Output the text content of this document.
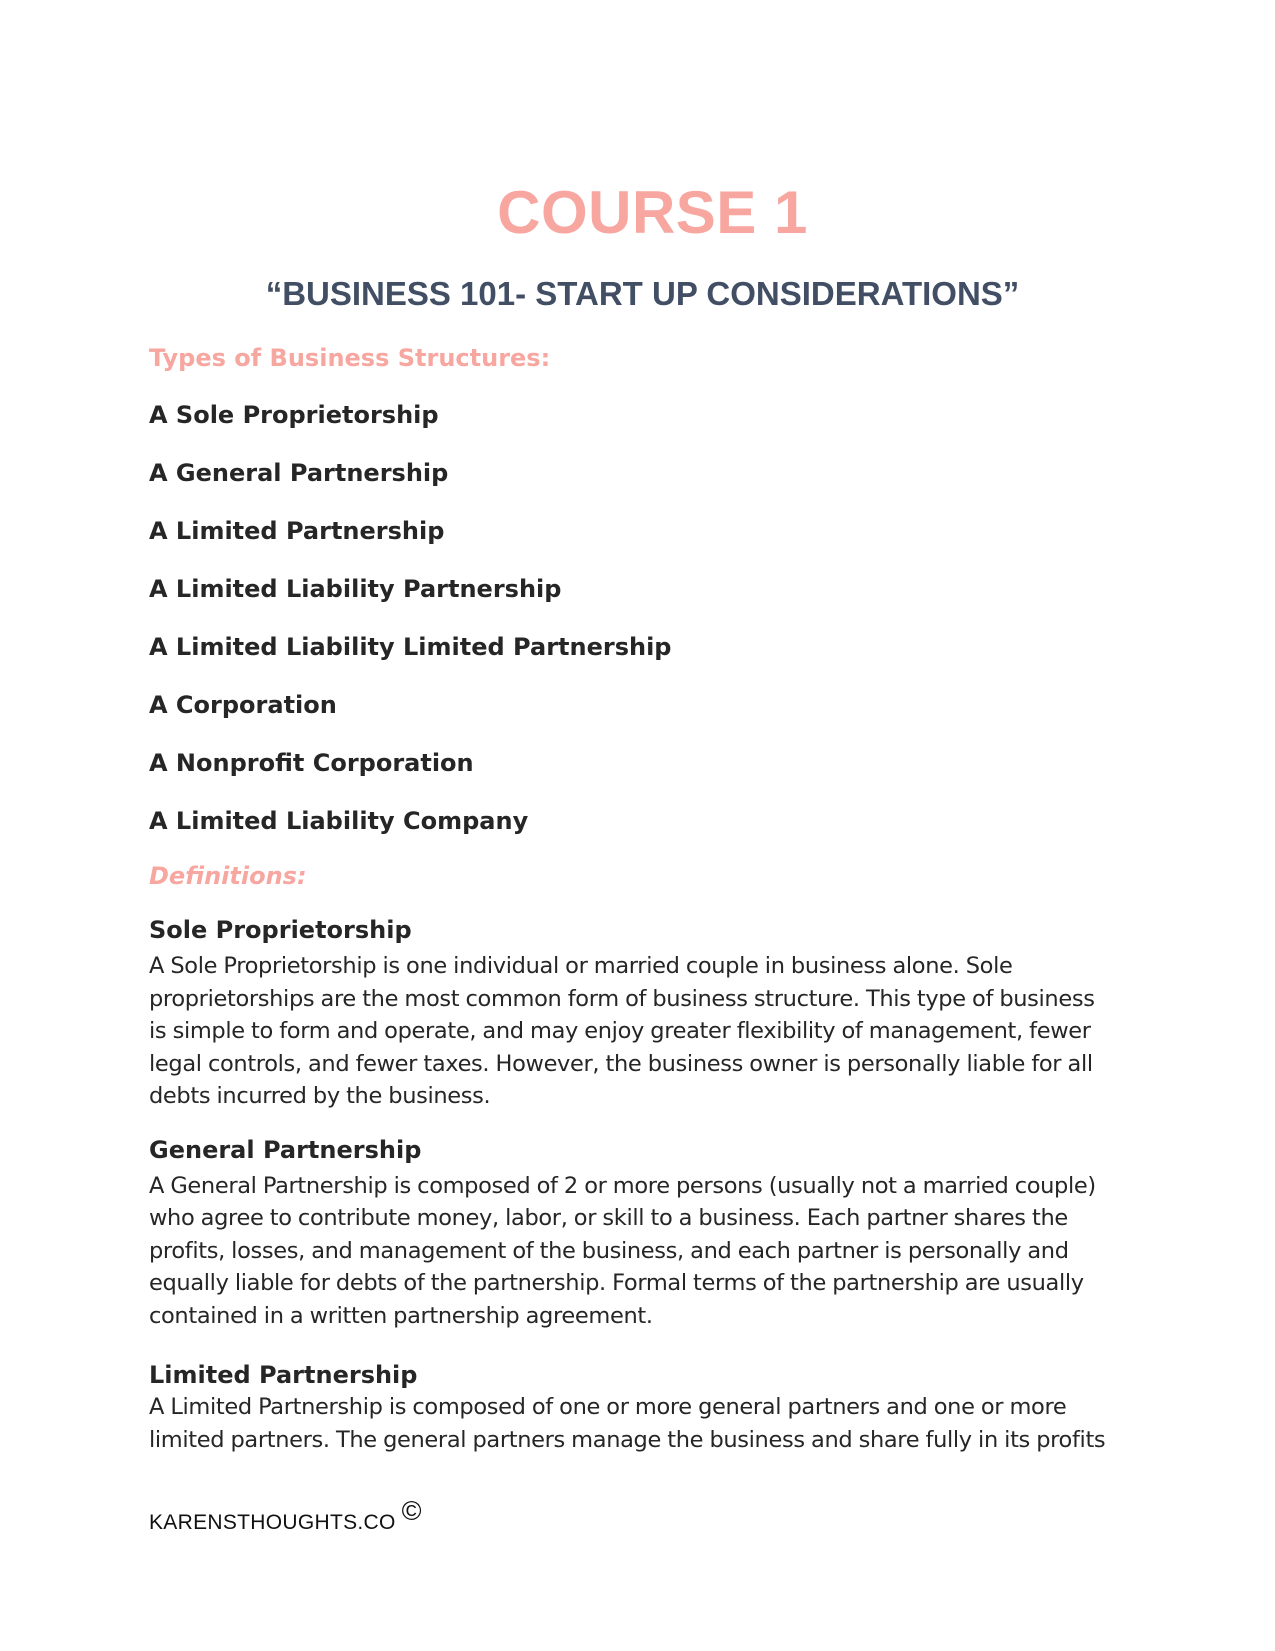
COURSE 1
“BUSINESS 101- START UP CONSIDERATIONS”
Types of Business Structures:
A Sole Proprietorship
A General Partnership
A Limited Partnership
A Limited Liability Partnership
A Limited Liability Limited Partnership
A Corporation
A Nonprofit Corporation
A Limited Liability Company
Definitions:
Sole Proprietorship
A Sole Proprietorship is one individual or married couple in business alone. Sole
proprietorships are the most common form of business structure. This type of business
is simple to form and operate, and may enjoy greater flexibility of management, fewer
legal controls, and fewer taxes. However, the business owner is personally liable for all
debts incurred by the business.
General Partnership
A General Partnership is composed of 2 or more persons (usually not a married couple)
who agree to contribute money, labor, or skill to a business. Each partner shares the
profits, losses, and management of the business, and each partner is personally and
equally liable for debts of the partnership. Formal terms of the partnership are usually
contained in a written partnership agreement.
Limited Partnership
A Limited Partnership is composed of one or more general partners and one or more
limited partners. The general partners manage the business and share fully in its profits
KARENSTHOUGHTS.CO ©
